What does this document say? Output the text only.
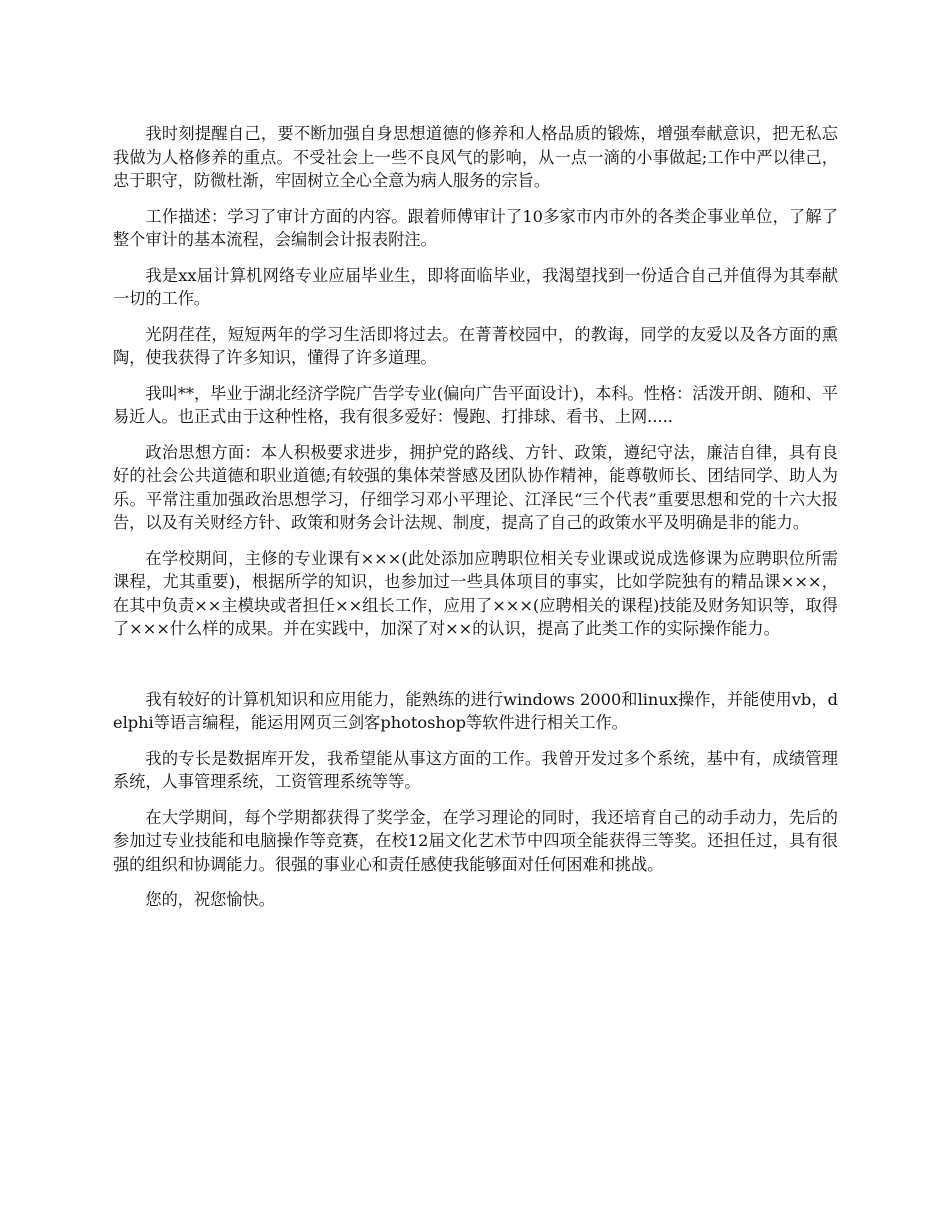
我时刻提醒自己，要不断加强自身思想道德的修养和人格品质的锻炼，增强奉献意识，把无私忘我做为人格修养的重点。不受社会上一些不良风气的影响，从一点一滴的小事做起;工作中严以律己，忠于职守，防微杜渐，牢固树立全心全意为病人服务的宗旨。

工作描述：学习了审计方面的内容。跟着师傅审计了10多家市内市外的各类企事业单位，了解了整个审计的基本流程，会编制会计报表附注。

我是xx届计算机网络专业应届毕业生，即将面临毕业，我渴望找到一份适合自己并值得为其奉献一切的工作。

光阴荏荏，短短两年的学习生活即将过去。在菁菁校园中，的教诲，同学的友爱以及各方面的熏陶，使我获得了许多知识，懂得了许多道理。

我叫**，毕业于湖北经济学院广告学专业(偏向广告平面设计)，本科。性格：活泼开朗、随和、平易近人。也正式由于这种性格，我有很多爱好：慢跑、打排球、看书、上网.....

政治思想方面：本人积极要求进步，拥护党的路线、方针、政策，遵纪守法，廉洁自律，具有良好的社会公共道德和职业道德;有较强的集体荣誉感及团队协作精神，能尊敬师长、团结同学、助人为乐。平常注重加强政治思想学习，仔细学习邓小平理论、江泽民“三个代表”重要思想和党的十六大报告，以及有关财经方针、政策和财务会计法规、制度，提高了自己的政策水平及明确是非的能力。

在学校期间，主修的专业课有×××(此处添加应聘职位相关专业课或说成选修课为应聘职位所需课程，尤其重要)，根据所学的知识，也参加过一些具体项目的事实，比如学院独有的精品课×××，在其中负责××主模块或者担任××组长工作，应用了×××(应聘相关的课程)技能及财务知识等，取得了×××什么样的成果。并在实践中，加深了对××的认识，提高了此类工作的实际操作能力。

我有较好的计算机知识和应用能力，能熟练的进行windows 2000和linux操作，并能使用vb，delphi等语言编程，能运用网页三剑客photoshop等软件进行相关工作。

我的专长是数据库开发，我希望能从事这方面的工作。我曾开发过多个系统，基中有，成绩管理系统，人事管理系统，工资管理系统等等。

在大学期间，每个学期都获得了奖学金，在学习理论的同时，我还培育自己的动手动力，先后的参加过专业技能和电脑操作等竞赛，在校12届文化艺术节中四项全能获得三等奖。还担任过，具有很强的组织和协调能力。很强的事业心和责任感使我能够面对任何困难和挑战。

您的，祝您愉快。
